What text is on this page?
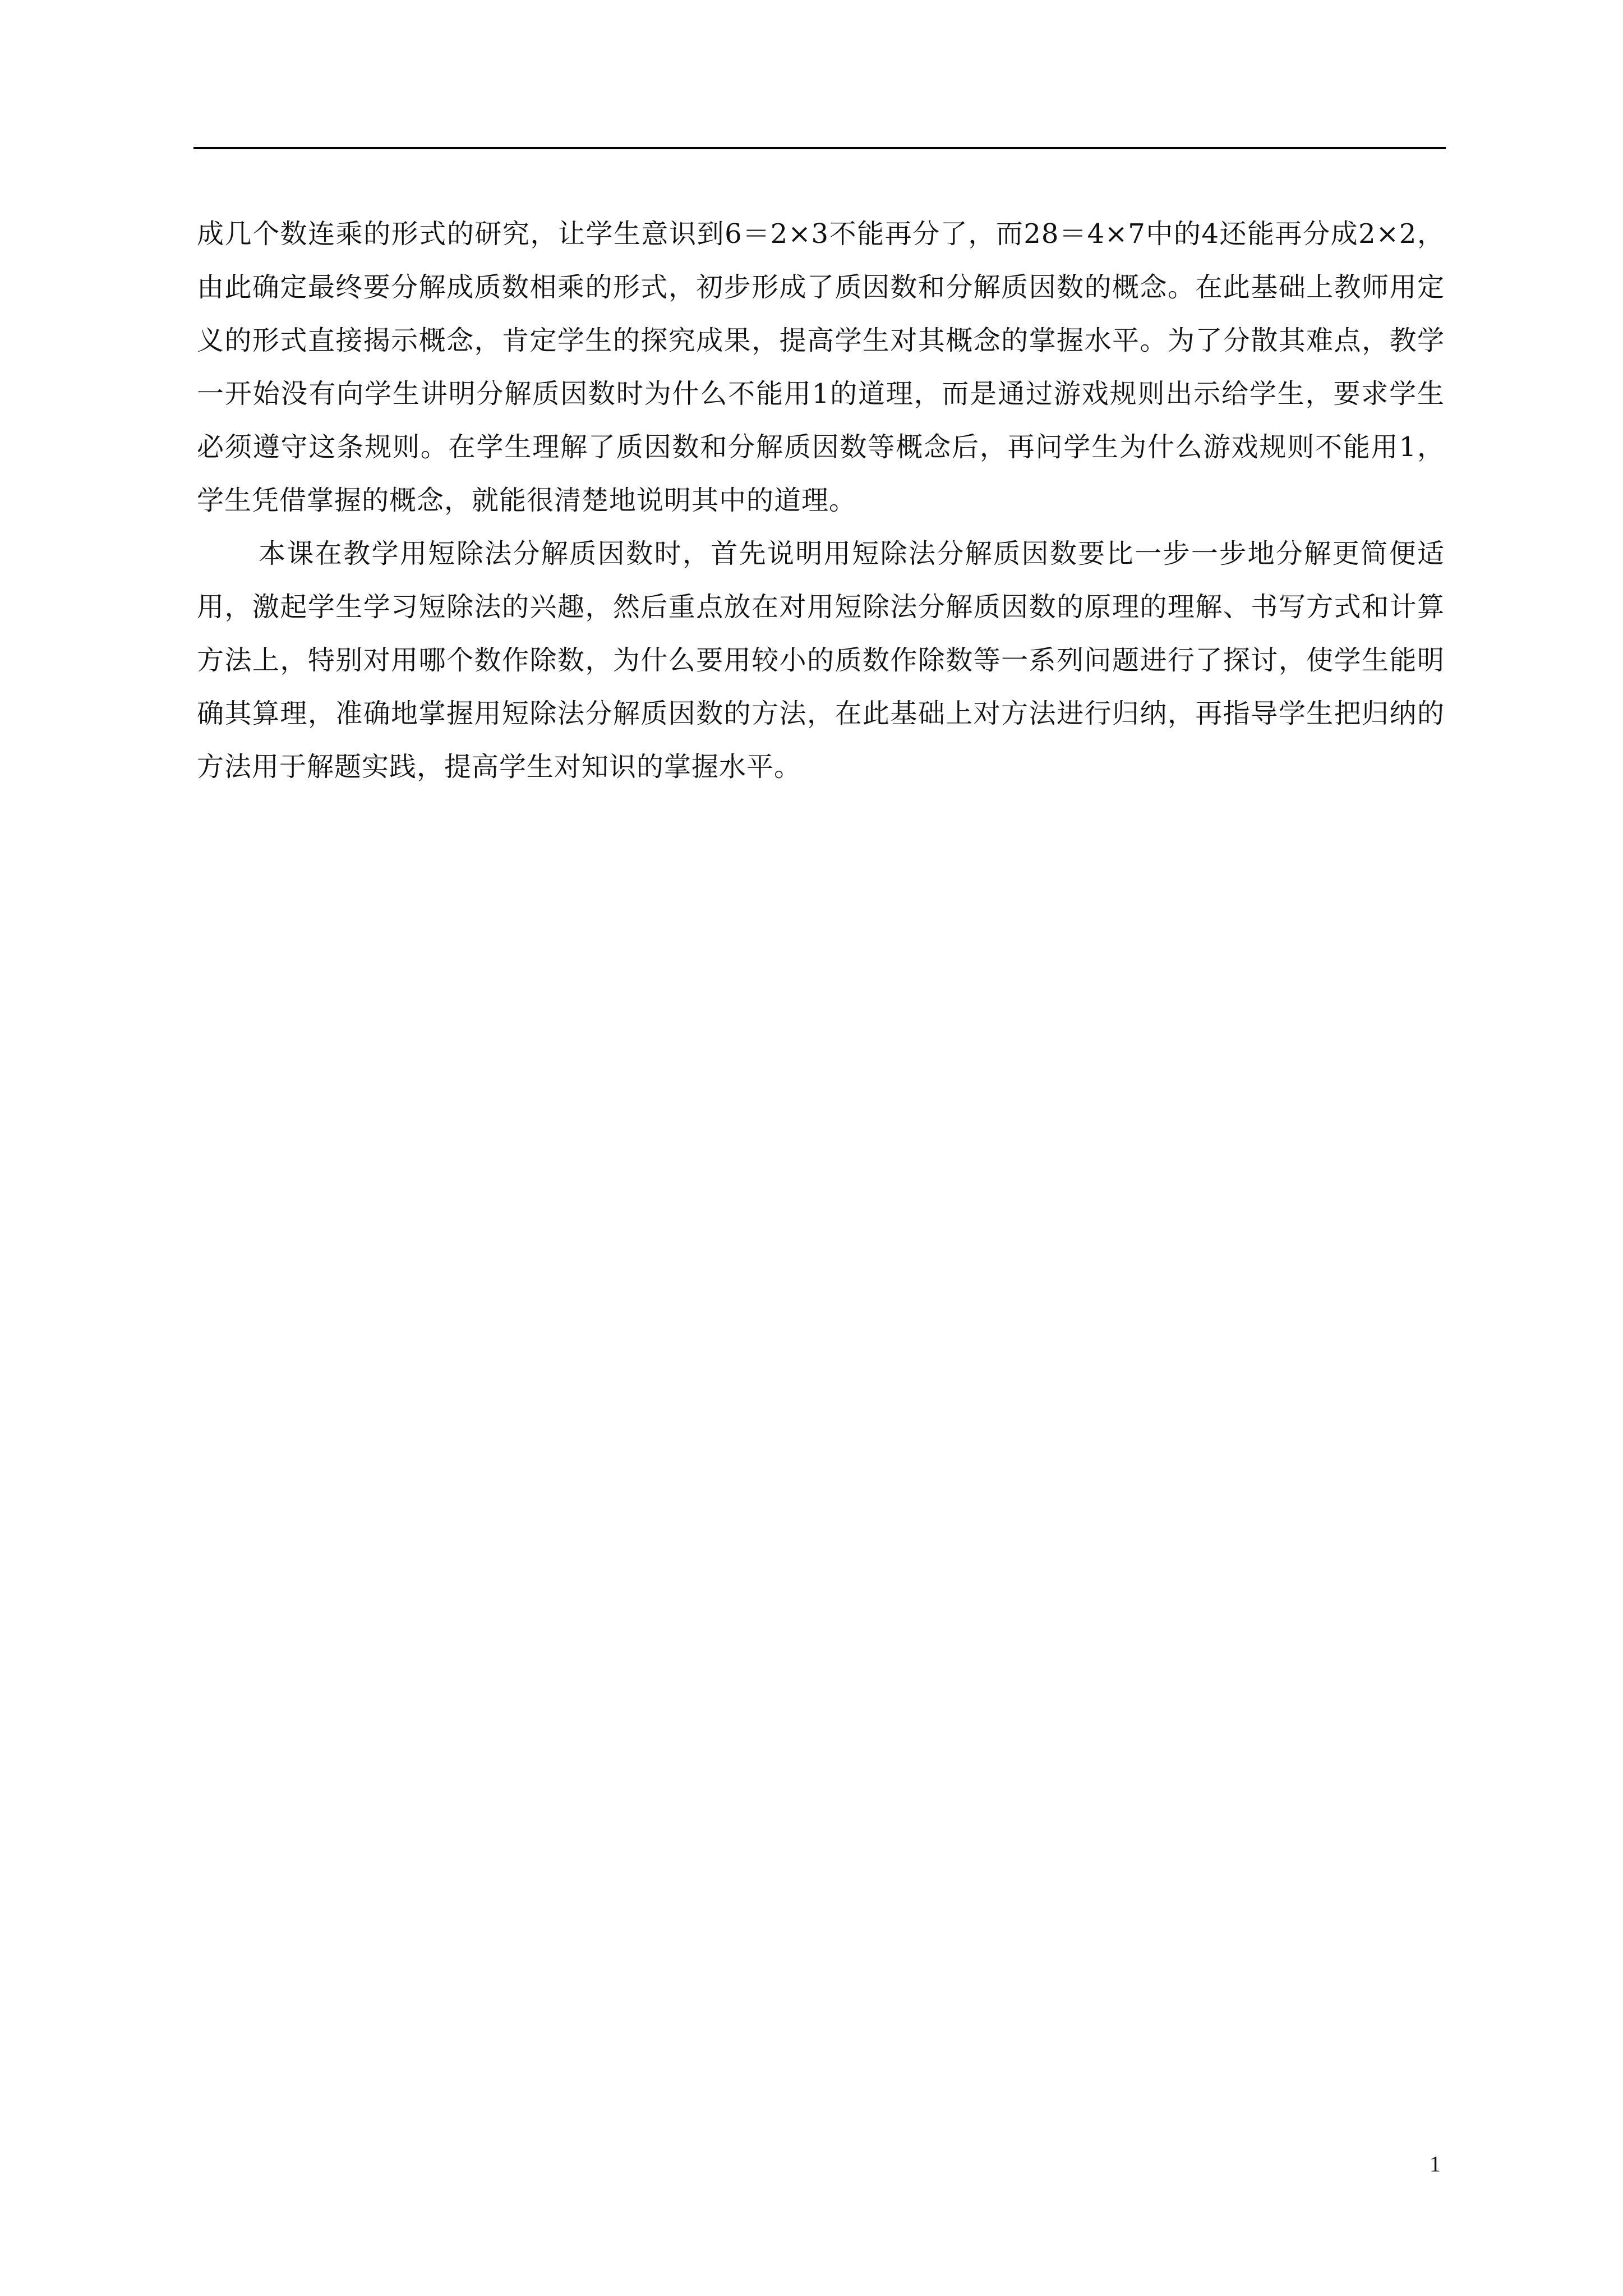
成几个数连乘的形式的研究，让学生意识到6＝2×3不能再分了，而28＝4×7中的4还能再分成2×2，由此确定最终要分解成质数相乘的形式，初步形成了质因数和分解质因数的概念。在此基础上教师用定义的形式直接揭示概念，肯定学生的探究成果，提高学生对其概念的掌握水平。为了分散其难点，教学一开始没有向学生讲明分解质因数时为什么不能用1的道理，而是通过游戏规则出示给学生，要求学生必须遵守这条规则。在学生理解了质因数和分解质因数等概念后，再问学生为什么游戏规则不能用1，学生凭借掌握的概念，就能很清楚地说明其中的道理。

本课在教学用短除法分解质因数时，首先说明用短除法分解质因数要比一步一步地分解更简便适用，激起学生学习短除法的兴趣，然后重点放在对用短除法分解质因数的原理的理解、书写方式和计算方法上，特别对用哪个数作除数，为什么要用较小的质数作除数等一系列问题进行了探讨，使学生能明确其算理，准确地掌握用短除法分解质因数的方法，在此基础上对方法进行归纳，再指导学生把归纳的方法用于解题实践，提高学生对知识的掌握水平。

1
